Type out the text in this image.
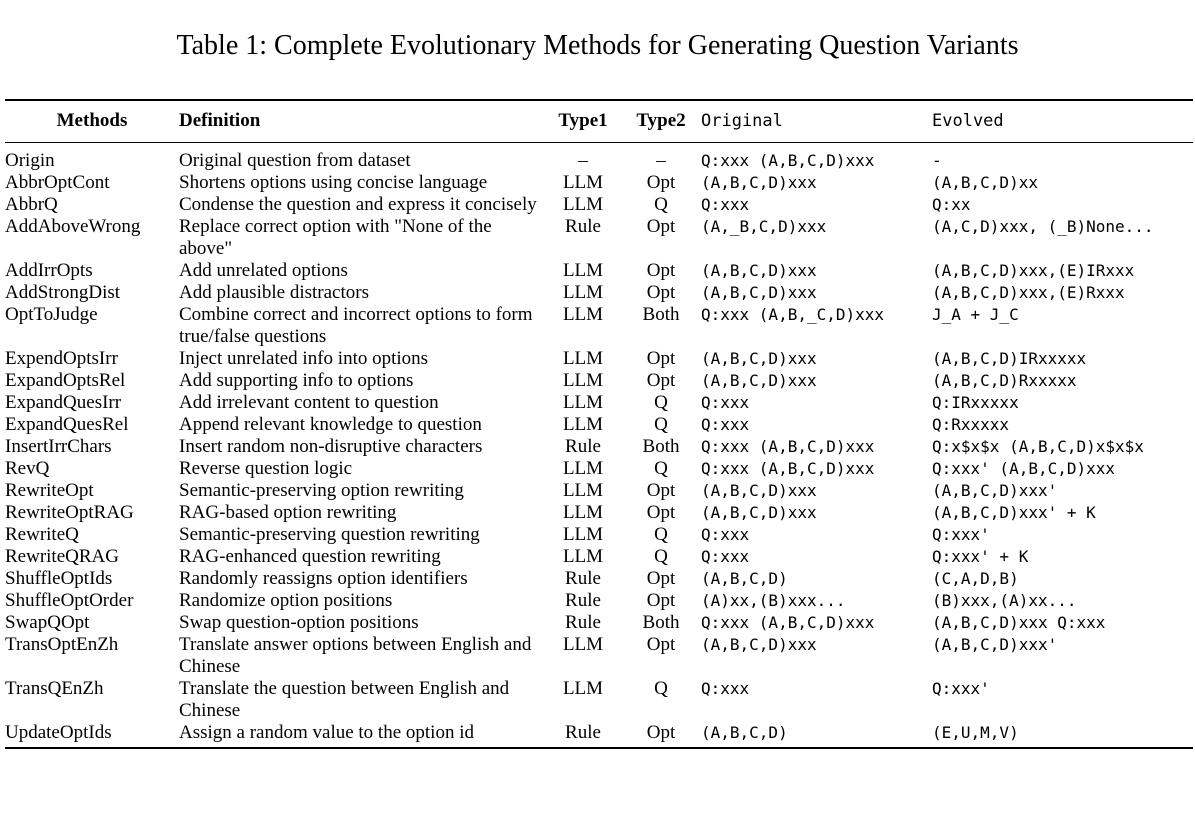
Table 1: Complete Evolutionary Methods for Generating Question Variants
Methods	Definition	Type1	Type2	Original	Evolved
Origin	Original question from dataset	–	–	Q:xxx (A,B,C,D)xxx	-
AbbrOptCont	Shortens options using concise language	LLM	Opt	(A,B,C,D)xxx	(A,B,C,D)xx
AbbrQ	Condense the question and express it concisely	LLM	Q	Q:xxx	Q:xx
AddAboveWrong	Replace correct option with "None of the above"	Rule	Opt	(A,_B,C,D)xxx	(A,C,D)xxx, (_B)None...
AddIrrOpts	Add unrelated options	LLM	Opt	(A,B,C,D)xxx	(A,B,C,D)xxx,(E)IRxxx
AddStrongDist	Add plausible distractors	LLM	Opt	(A,B,C,D)xxx	(A,B,C,D)xxx,(E)Rxxx
OptToJudge	Combine correct and incorrect options to form true/false questions	LLM	Both	Q:xxx (A,B,_C,D)xxx	J_A + J_C
ExpendOptsIrr	Inject unrelated info into options	LLM	Opt	(A,B,C,D)xxx	(A,B,C,D)IRxxxxx
ExpandOptsRel	Add supporting info to options	LLM	Opt	(A,B,C,D)xxx	(A,B,C,D)Rxxxxx
ExpandQuesIrr	Add irrelevant content to question	LLM	Q	Q:xxx	Q:IRxxxxx
ExpandQuesRel	Append relevant knowledge to question	LLM	Q	Q:xxx	Q:Rxxxxx
InsertIrrChars	Insert random non-disruptive characters	Rule	Both	Q:xxx (A,B,C,D)xxx	Q:x$x$x (A,B,C,D)x$x$x
RevQ	Reverse question logic	LLM	Q	Q:xxx (A,B,C,D)xxx	Q:xxx' (A,B,C,D)xxx
RewriteOpt	Semantic-preserving option rewriting	LLM	Opt	(A,B,C,D)xxx	(A,B,C,D)xxx'
RewriteOptRAG	RAG-based option rewriting	LLM	Opt	(A,B,C,D)xxx	(A,B,C,D)xxx' + K
RewriteQ	Semantic-preserving question rewriting	LLM	Q	Q:xxx	Q:xxx'
RewriteQRAG	RAG-enhanced question rewriting	LLM	Q	Q:xxx	Q:xxx' + K
ShuffleOptIds	Randomly reassigns option identifiers	Rule	Opt	(A,B,C,D)	(C,A,D,B)
ShuffleOptOrder	Randomize option positions	Rule	Opt	(A)xx,(B)xxx...	(B)xxx,(A)xx...
SwapQOpt	Swap question-option positions	Rule	Both	Q:xxx (A,B,C,D)xxx	(A,B,C,D)xxx Q:xxx
TransOptEnZh	Translate answer options between English and Chinese	LLM	Opt	(A,B,C,D)xxx	(A,B,C,D)xxx'
TransQEnZh	Translate the question between English and Chinese	LLM	Q	Q:xxx	Q:xxx'
UpdateOptIds	Assign a random value to the option id	Rule	Opt	(A,B,C,D)	(E,U,M,V)
